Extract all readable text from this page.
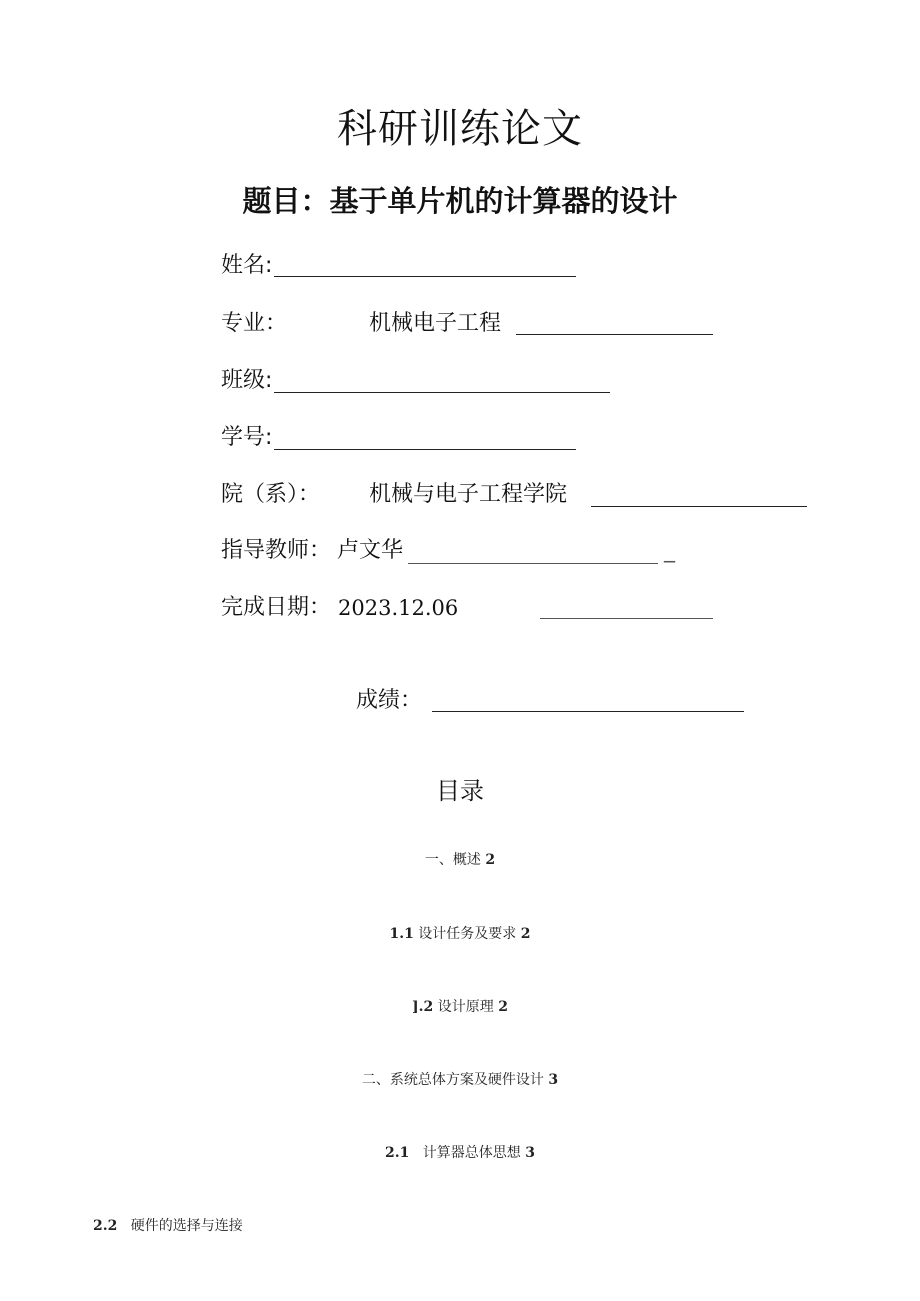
科研训练论文
题目：基于单片机的计算器的设计
姓名:
专业：	机械电子工程
班级:
学号:
院（系）： 机械与电子工程学院
指导教师： 卢文华	_
完成日期： 2023.12.06
成绩：
目录
一、概述 2
1.1 设计任务及要求 2
].2 设计原理 2
二、系统总体方案及硬件设计 3
2.1 计算器总体思想 3
2.2 硬件的选择与连接
